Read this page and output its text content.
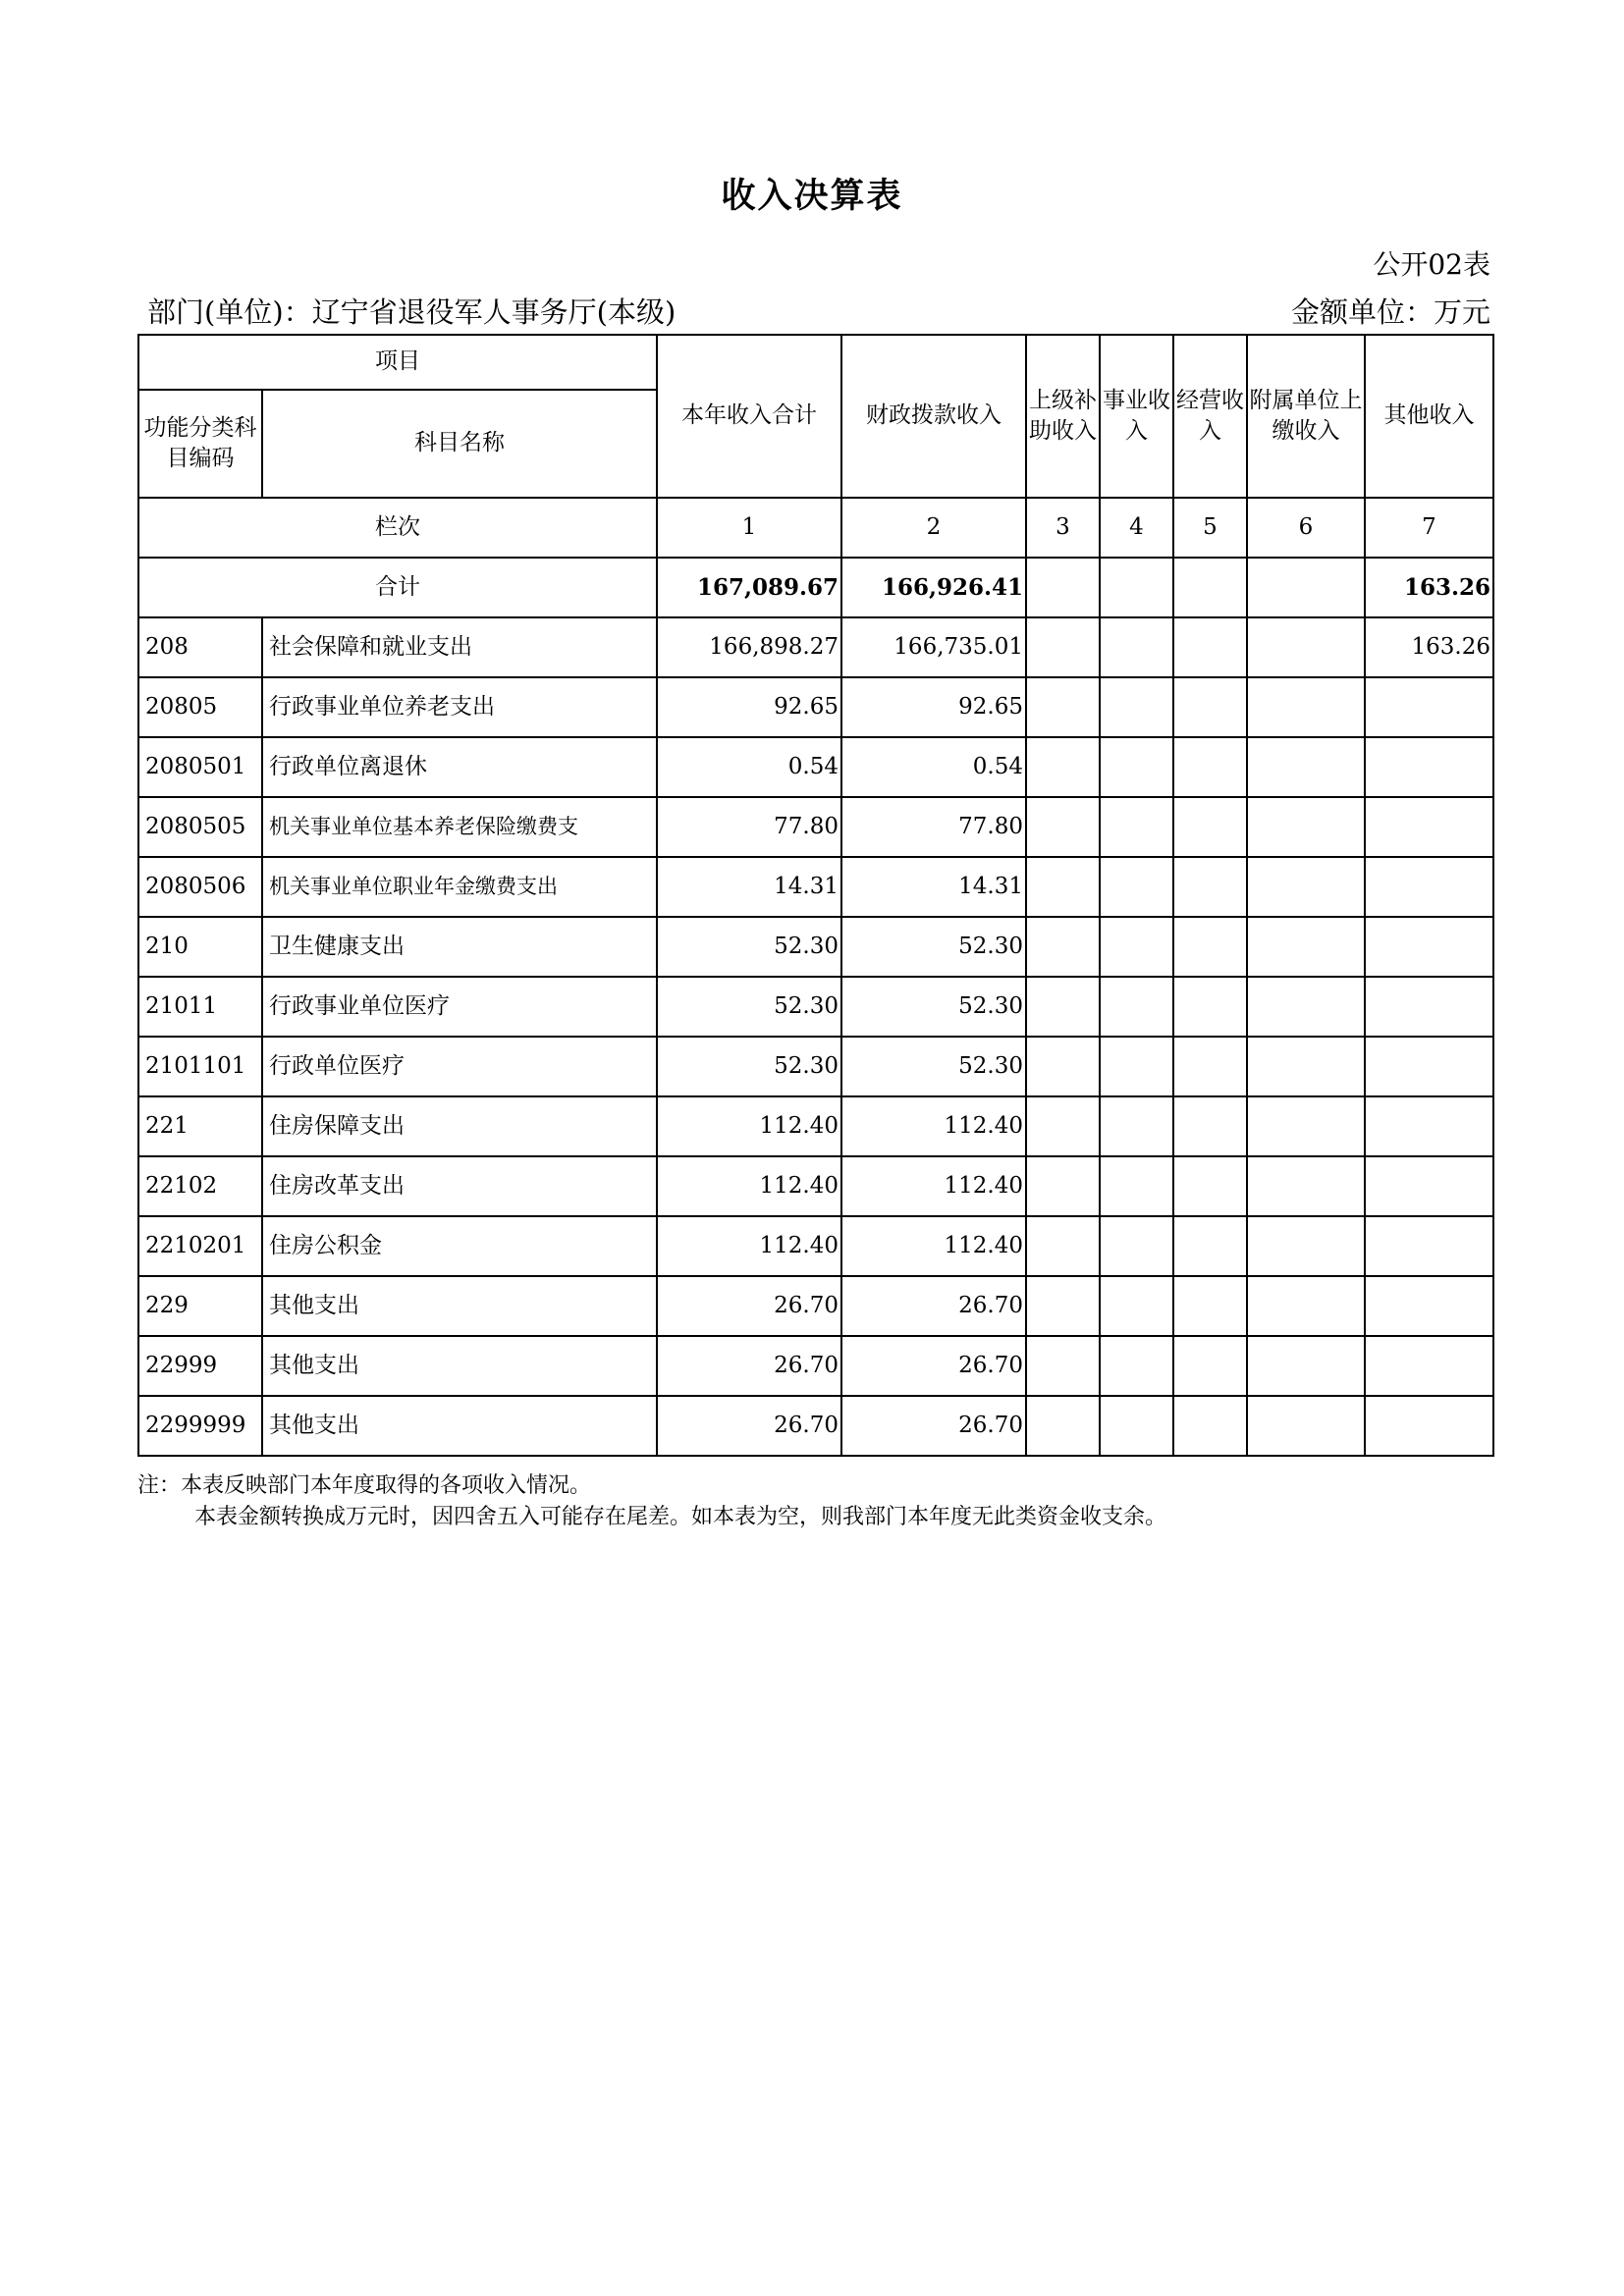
收入决算表
公开02表
部门(单位)：辽宁省退役军人事务厅(本级)	金额单位：万元
项目		本年收入合计	财政拨款收入	上级补助收入	事业收入	经营收入	附属单位上缴收入	其他收入
功能分类科目编码	科目名称							
栏次		1	2	3	4	5	6	7
合计		167,089.67	166,926.41					163.26
208	社会保障和就业支出	166,898.27	166,735.01					163.26
20805	行政事业单位养老支出	92.65	92.65					
2080501	行政单位离退休	0.54	0.54					
2080505	机关事业单位基本养老保险缴费支	77.80	77.80					
2080506	机关事业单位职业年金缴费支出	14.31	14.31					
210	卫生健康支出	52.30	52.30					
21011	行政事业单位医疗	52.30	52.30					
2101101	行政单位医疗	52.30	52.30					
221	住房保障支出	112.40	112.40					
22102	住房改革支出	112.40	112.40					
2210201	住房公积金	112.40	112.40					
229	其他支出	26.70	26.70					
22999	其他支出	26.70	26.70					
2299999	其他支出	26.70	26.70					
注：本表反映部门本年度取得的各项收入情况。
本表金额转换成万元时，因四舍五入可能存在尾差。如本表为空，则我部门本年度无此类资金收支余。
